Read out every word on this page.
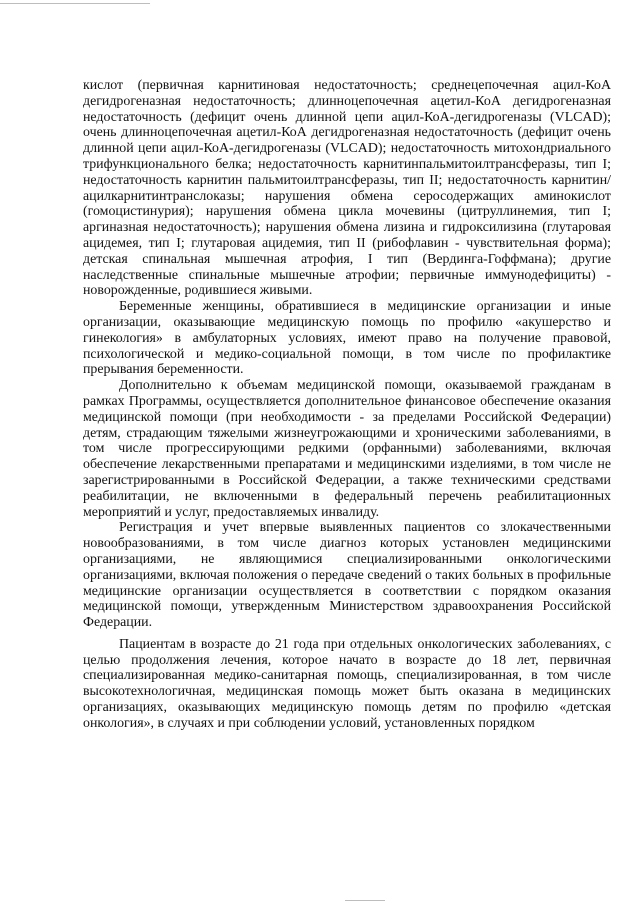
кислот (первичная карнитиновая недостаточность; среднецепочечная ацил-КоА дегидрогеназная недостаточность; длинноцепочечная ацетил-КоА дегидрогеназная недостаточность (дефицит очень длинной цепи ацил-КоА-дегидрогеназы (VLCAD); очень длинноцепочечная ацетил-КоА дегидрогеназная недостаточность (дефицит очень длинной цепи ацил-КоА-дегидрогеназы (VLCAD); недостаточность митохондриального трифункционального белка; недостаточность карнитинпальмитоилтрансферазы, тип I; недостаточность карнитин пальмитоилтрансферазы, тип II; недостаточность карнитин/ацилкарнитинтранслоказы; нарушения обмена серосодержащих аминокислот (гомоцистинурия); нарушения обмена цикла мочевины (цитруллинемия, тип I; аргиназная недостаточность); нарушения обмена лизина и гидроксилизина (глутаровая ацидемея, тип I; глутаровая ацидемия, тип II (рибофлавин - чувствительная форма); детская спинальная мышечная атрофия, I тип (Вердинга-Гоффмана); другие наследственные спинальные мышечные атрофии; первичные иммунодефициты) - новорожденные, родившиеся живыми.

Беременные женщины, обратившиеся в медицинские организации и иные организации, оказывающие медицинскую помощь по профилю «акушерство и гинекология» в амбулаторных условиях, имеют право на получение правовой, психологической и медико-социальной помощи, в том числе по профилактике прерывания беременности.

Дополнительно к объемам медицинской помощи, оказываемой гражданам в рамках Программы, осуществляется дополнительное финансовое обеспечение оказания медицинской помощи (при необходимости - за пределами Российской Федерации) детям, страдающим тяжелыми жизнеугрожающими и хроническими заболеваниями, в том числе прогрессирующими редкими (орфанными) заболеваниями, включая обеспечение лекарственными препаратами и медицинскими изделиями, в том числе не зарегистрированными в Российской Федерации, а также техническими средствами реабилитации, не включенными в федеральный перечень реабилитационных мероприятий и услуг, предоставляемых инвалиду.

Регистрация и учет впервые выявленных пациентов со злокачественными новообразованиями, в том числе диагноз которых установлен медицинскими организациями, не являющимися специализированными онкологическими организациями, включая положения о передаче сведений о таких больных в профильные медицинские организации осуществляется в соответствии с порядком оказания медицинской помощи, утвержденным Министерством здравоохранения Российской Федерации.

Пациентам в возрасте до 21 года при отдельных онкологических заболеваниях, с целью продолжения лечения, которое начато в возрасте до 18 лет, первичная специализированная медико-санитарная помощь, специализированная, в том числе высокотехнологичная, медицинская помощь может быть оказана в медицинских организациях, оказывающих медицинскую помощь детям по профилю «детская онкология», в случаях и при соблюдении условий, установленных порядком
